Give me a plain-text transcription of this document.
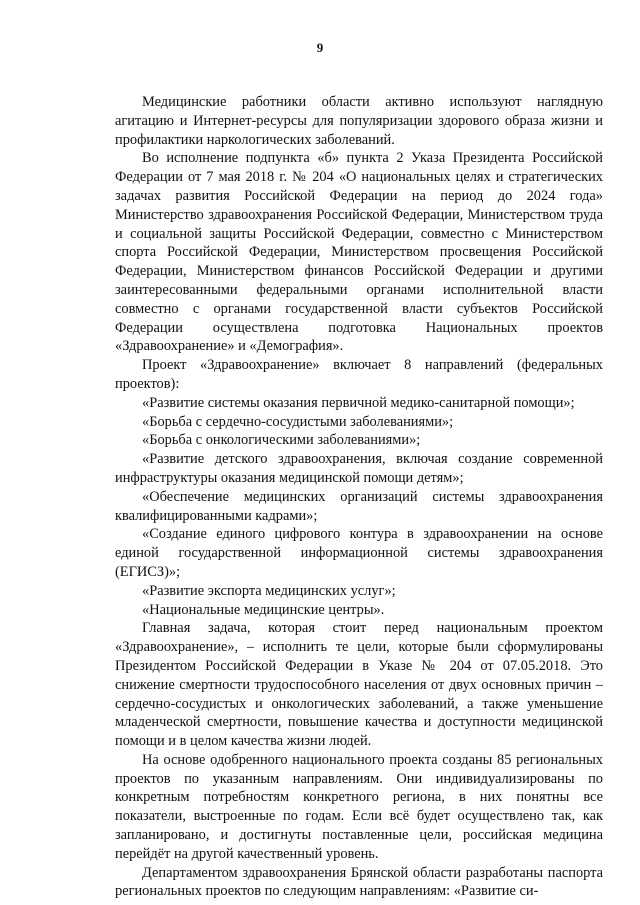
9

Медицинские работники области активно используют наглядную агитацию и Интернет-ресурсы для популяризации здорового образа жизни и профилактики наркологических заболеваний.

Во исполнение подпункта «б» пункта 2 Указа Президента Российской Федерации от 7 мая 2018 г. № 204 «О национальных целях и стратегических задачах развития Российской Федерации на период до 2024 года» Министерство здравоохранения Российской Федерации, Министерством труда и социальной защиты Российской Федерации, совместно с Министерством спорта Российской Федерации, Министерством просвещения Российской Федерации, Министерством финансов Российской Федерации и другими заинтересованными федеральными органами исполнительной власти совместно с органами государственной власти субъектов Российской Федерации осуществлена подготовка Национальных проектов «Здравоохранение» и «Демография».

Проект «Здравоохранение» включает 8 направлений (федеральных проектов):

«Развитие системы оказания первичной медико-санитарной помощи»;

«Борьба с сердечно-сосудистыми заболеваниями»;

«Борьба с онкологическими заболеваниями»;

«Развитие детского здравоохранения, включая создание современной инфраструктуры оказания медицинской помощи детям»;

«Обеспечение медицинских организаций системы здравоохранения квалифицированными кадрами»;

«Создание единого цифрового контура в здравоохранении на основе единой государственной информационной системы здравоохранения (ЕГИСЗ)»;

«Развитие экспорта медицинских услуг»;

«Национальные медицинские центры».

Главная задача, которая стоит перед национальным проектом «Здравоохранение», – исполнить те цели, которые были сформулированы Президентом Российской Федерации в Указе № 204 от 07.05.2018. Это снижение смертности трудоспособного населения от двух основных причин – сердечно-сосудистых и онкологических заболеваний, а также уменьшение младенческой смертности, повышение качества и доступности медицинской помощи и в целом качества жизни людей.

На основе одобренного национального проекта созданы 85 региональных проектов по указанным направлениям. Они индивидуализированы по конкретным потребностям конкретного региона, в них понятны все показатели, выстроенные по годам. Если всё будет осуществлено так, как запланировано, и достигнуты поставленные цели, российская медицина перейдёт на другой качественный уровень.

Департаментом здравоохранения Брянской области разработаны паспорта региональных проектов по следующим направлениям: «Развитие си-
